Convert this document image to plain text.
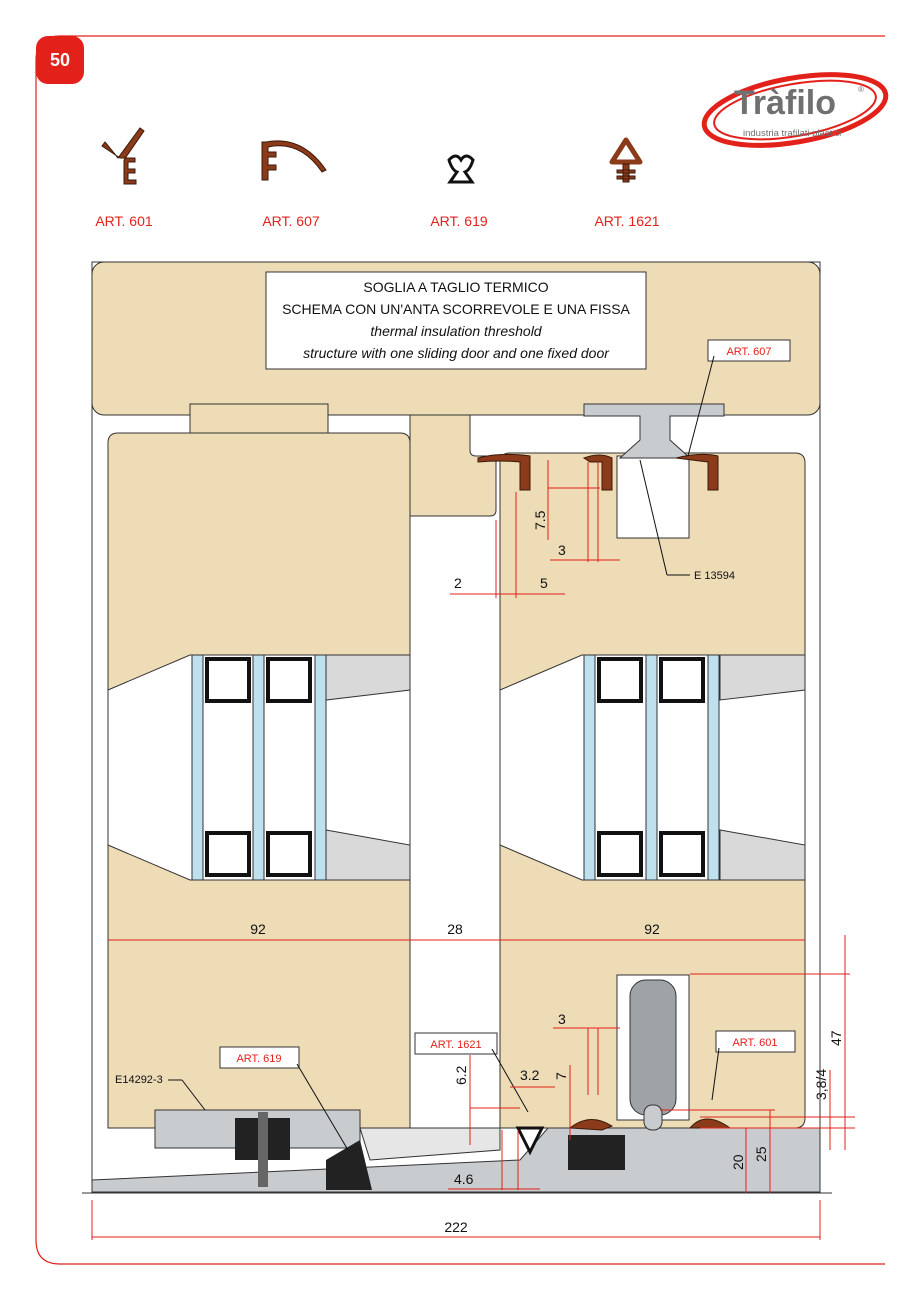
50
Tràfilo	®
industria trafilati plastici
ART. 601	ART. 607	ART. 619	ART. 1621
SOGLIA A TAGLIO TERMICO
SCHEMA CON UN'ANTA SCORREVOLE E UNA FISSA
thermal insulation threshold
structure with one sliding door and one fixed door	ART. 607
E 13594
ART. 1621	ART. 601
ART. 619
E14292-3
92	28	92
222
7.5
3
2	5
3
6.2	3.2 7
4.6
47
3,8/4
20
25
